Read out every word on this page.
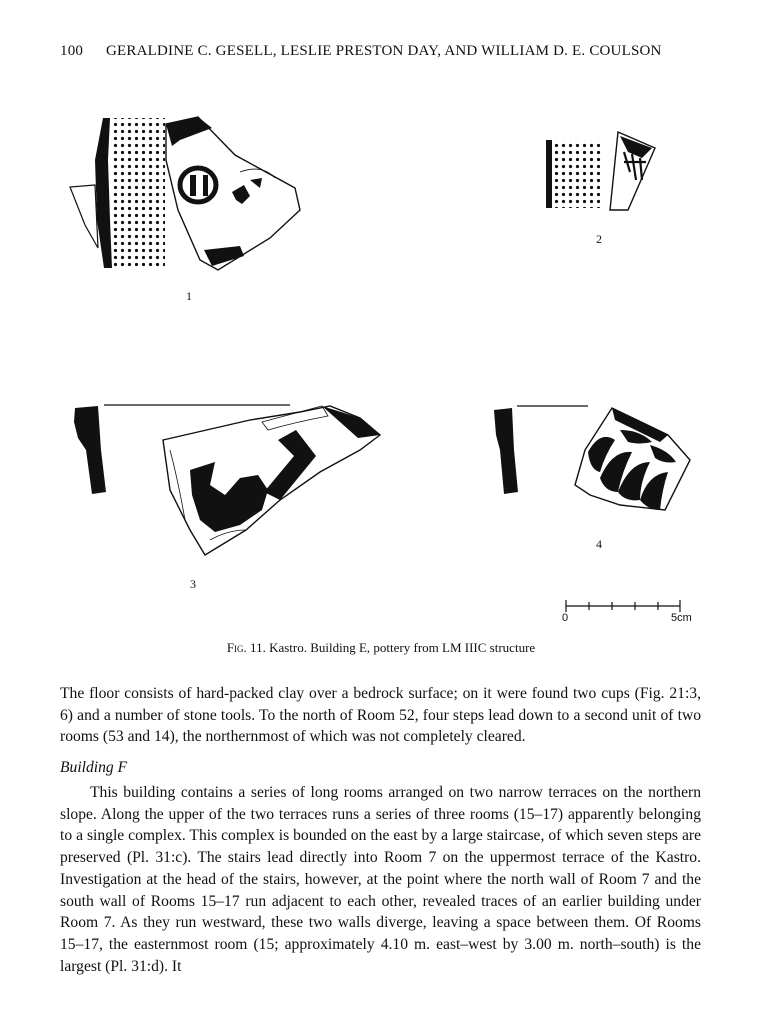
100 GERALDINE C. GESELL, LESLIE PRESTON DAY, AND WILLIAM D. E. COULSON
1
2
3
4
0	5cm
Fig. 11. Kastro. Building E, pottery from LM IIIC structure

The floor consists of hard-packed clay over a bedrock surface; on it were found two cups (Fig. 21:3, 6) and a number of stone tools. To the north of Room 52, four steps lead down to a second unit of two rooms (53 and 14), the northernmost of which was not completely cleared.

Building F

This building contains a series of long rooms arranged on two narrow terraces on the northern slope. Along the upper of the two terraces runs a series of three rooms (15–17) apparently belonging to a single complex. This complex is bounded on the east by a large staircase, of which seven steps are preserved (Pl. 31:c). The stairs lead directly into Room 7 on the uppermost terrace of the Kastro. Investigation at the head of the stairs, however, at the point where the north wall of Room 7 and the south wall of Rooms 15–17 run adjacent to each other, revealed traces of an earlier building under Room 7. As they run westward, these two walls diverge, leaving a space between them. Of Rooms 15–17, the easternmost room (15; approximately 4.10 m. east–west by 3.00 m. north–south) is the largest (Pl. 31:d). It
